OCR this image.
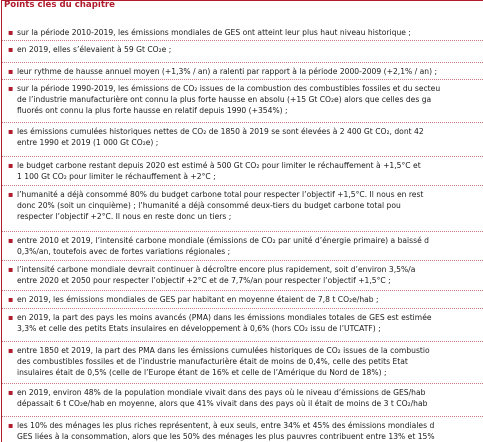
Points clés du chapitre
▪ sur la période 2010-2019, les émissions mondiales de GES ont atteint leur plus haut niveau historique ;
▪ en 2019, elles s’élevaient à 59 Gt CO₂e ;
▪ leur rythme de hausse annuel moyen (+1,3% / an) a ralenti par rapport à la période 2000-2009 (+2,1% / an) ;
▪ sur la période 1990-2019, les émissions de CO₂ issues de la combustion des combustibles fossiles et du secteu
de l’industrie manufacturière ont connu la plus forte hausse en absolu (+15 Gt CO₂e) alors que celles des ga
fluorés ont connu la plus forte hausse en relatif depuis 1990 (+354%) ;
▪ les émissions cumulées historiques nettes de CO₂ de 1850 à 2019 se sont élevées à 2 400 Gt CO₂, dont 42
entre 1990 et 2019 (1 000 Gt CO₂e) ;
▪ le budget carbone restant depuis 2020 est estimé à 500 Gt CO₂ pour limiter le réchauffement à +1,5°C et
1 100 Gt CO₂ pour limiter le réchauffement à +2°C ;
▪ l’humanité a déjà consommé 80% du budget carbone total pour respecter l’objectif +1,5°C. Il nous en rest
donc 20% (soit un cinquième) ; l’humanité a déjà consommé deux-tiers du budget carbone total pou
respecter l’objectif +2°C. Il nous en reste donc un tiers ;
▪ entre 2010 et 2019, l’intensité carbone mondiale (émissions de CO₂ par unité d’énergie primaire) a baissé d
0,3%/an, toutefois avec de fortes variations régionales ;
▪ l’intensité carbone mondiale devrait continuer à décroître encore plus rapidement, soit d’environ 3,5%/a
entre 2020 et 2050 pour respecter l’objectif +2°C et de 7,7%/an pour respecter l’objectif +1,5°C ;
▪ en 2019, les émissions mondiales de GES par habitant en moyenne étaient de 7,8 t CO₂e/hab ;
▪ en 2019, la part des pays les moins avancés (PMA) dans les émissions mondiales totales de GES est estimée
3,3% et celle des petits Etats insulaires en développement à 0,6% (hors CO₂ issu de l’UTCATF) ;
▪ entre 1850 et 2019, la part des PMA dans les émissions cumulées historiques de CO₂ issues de la combustio
des combustibles fossiles et de l’industrie manufacturière était de moins de 0,4%, celle des petits Etat
insulaires était de 0,5% (celle de l’Europe étant de 16% et celle de l’Amérique du Nord de 18%) ;
▪ en 2019, environ 48% de la population mondiale vivait dans des pays où le niveau d’émissions de GES/hab
dépassait 6 t CO₂e/hab en moyenne, alors que 41% vivait dans des pays où il était de moins de 3 t CO₂/hab
▪ les 10% des ménages les plus riches représentent, à eux seuls, entre 34% et 45% des émissions mondiales d
GES liées à la consommation, alors que les 50% des ménages les plus pauvres contribuent entre 13% et 15%
